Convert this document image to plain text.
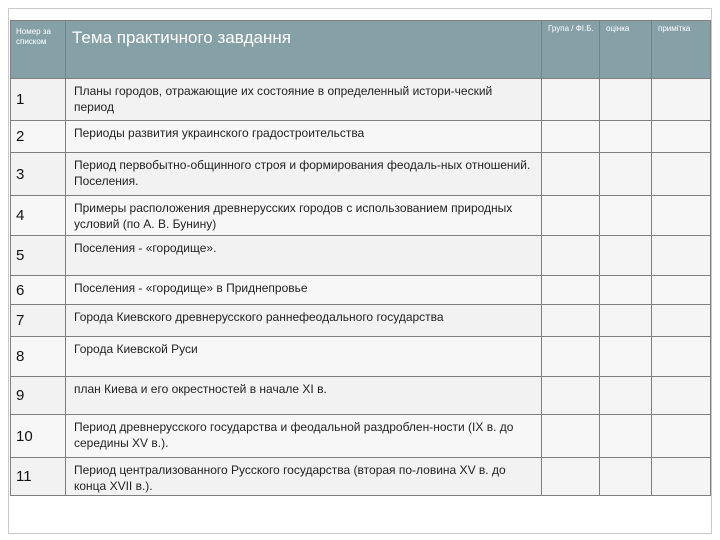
Номер за списком	Тема практичного завдання	Група / ФІ.Б.	оцінка	примітка
1	Планы городов, отражающие их состояние в определенный истори-ческий период			
2	Периоды развития украинского градостроительства			
3	Период первобытно-общинного строя и формирования феодаль-ных отношений. Поселения.			
4	Примеры расположения древнерусских городов с использованием природных условий (по А. В. Бунину)			
5	Поселения - «городище».			
6	Поселения - «городище» в Приднепровье			
7	Города Киевского древнерусского раннефеодального государства			
8	Города Киевской Руси			
9	план Киева и его окрестностей в начале XI в.			
10	Период древнерусского государства и феодальной раздроблен-ности (IX в. до середины XV в.).			
11	Период централизованного Русского государства (вторая по-ловина XV в. до конца XVII в.).			
